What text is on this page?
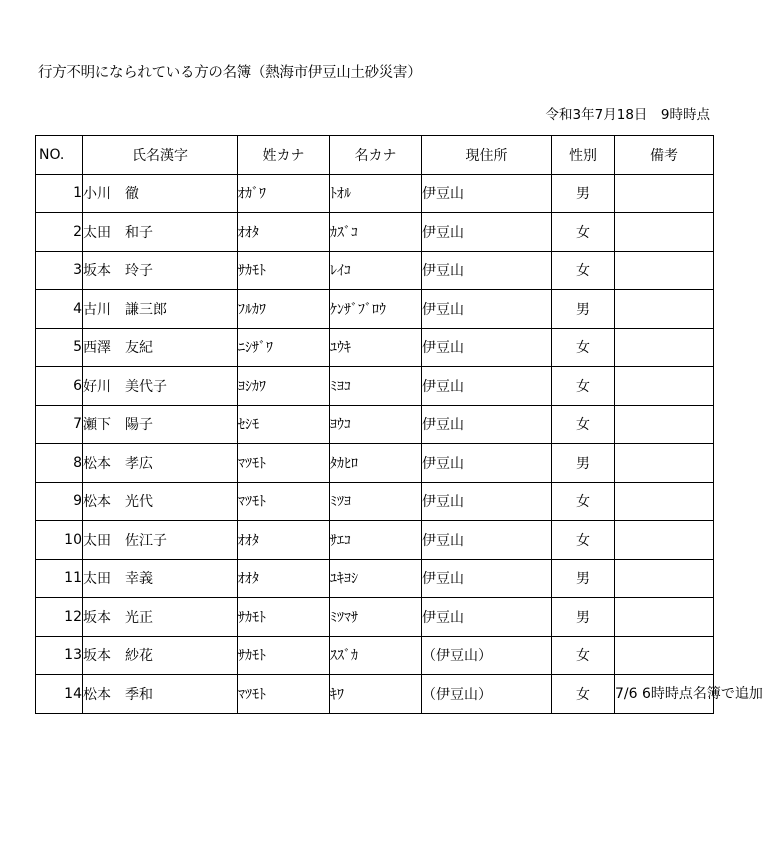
行方不明になられている方の名簿（熱海市伊豆山土砂災害）
令和3年7月18日　9時時点
NO.	氏名漢字	姓カナ	名カナ	現住所	性別	備考
1	小川　徹	ｵｶﾞﾜ	ﾄｵﾙ	伊豆山	男	
2	太田　和子	ｵｵﾀ	ｶｽﾞｺ	伊豆山	女	
3	坂本　玲子	ｻｶﾓﾄ	ﾚｲｺ	伊豆山	女	
4	古川　謙三郎	ﾌﾙｶﾜ	ｹﾝｻﾞﾌﾞﾛｳ	伊豆山	男	
5	西澤　友紀	ﾆｼｻﾞﾜ	ﾕｳｷ	伊豆山	女	
6	好川　美代子	ﾖｼｶﾜ	ﾐﾖｺ	伊豆山	女	
7	瀬下　陽子	ｾｼﾓ	ﾖｳｺ	伊豆山	女	
8	松本　孝広	ﾏﾂﾓﾄ	ﾀｶﾋﾛ	伊豆山	男	
9	松本　光代	ﾏﾂﾓﾄ	ﾐﾂﾖ	伊豆山	女	
10	太田　佐江子	ｵｵﾀ	ｻｴｺ	伊豆山	女	
11	太田　幸義	ｵｵﾀ	ﾕｷﾖｼ	伊豆山	男	
12	坂本　光正	ｻｶﾓﾄ	ﾐﾂﾏｻ	伊豆山	男	
13	坂本　紗花	ｻｶﾓﾄ	ｽｽﾞｶ	（伊豆山）	女	
14	松本　季和	ﾏﾂﾓﾄ	ｷﾜ	（伊豆山）	女	7/6 6時時点名簿で追加
